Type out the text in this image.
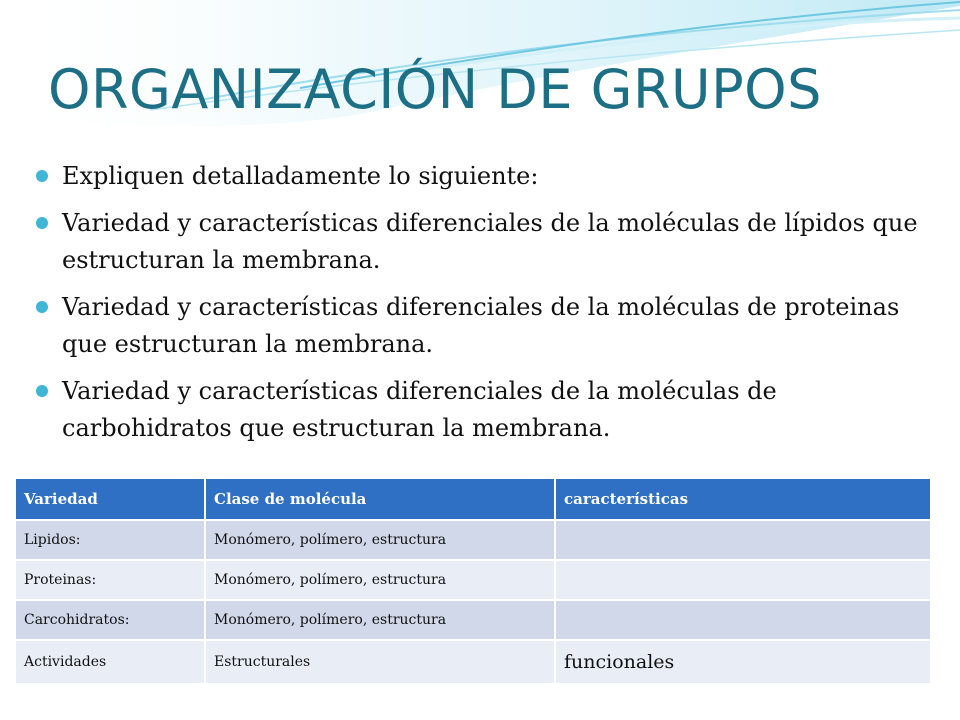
ORGANIZACIÓN DE GRUPOS
Expliquen detalladamente lo siguiente:
Variedad y características diferenciales de la moléculas de lípidos que estructuran la membrana.
Variedad y características diferenciales de la moléculas de proteinas que estructuran la membrana.
Variedad y características diferenciales de la moléculas de carbohidratos que estructuran la membrana.
Variedad	Clase de molécula	características
Lipidos:	Monómero, polímero, estructura	
Proteinas:	Monómero, polímero, estructura	
Carcohidratos:	Monómero, polímero, estructura	
Actividades	Estructurales	funcionales
